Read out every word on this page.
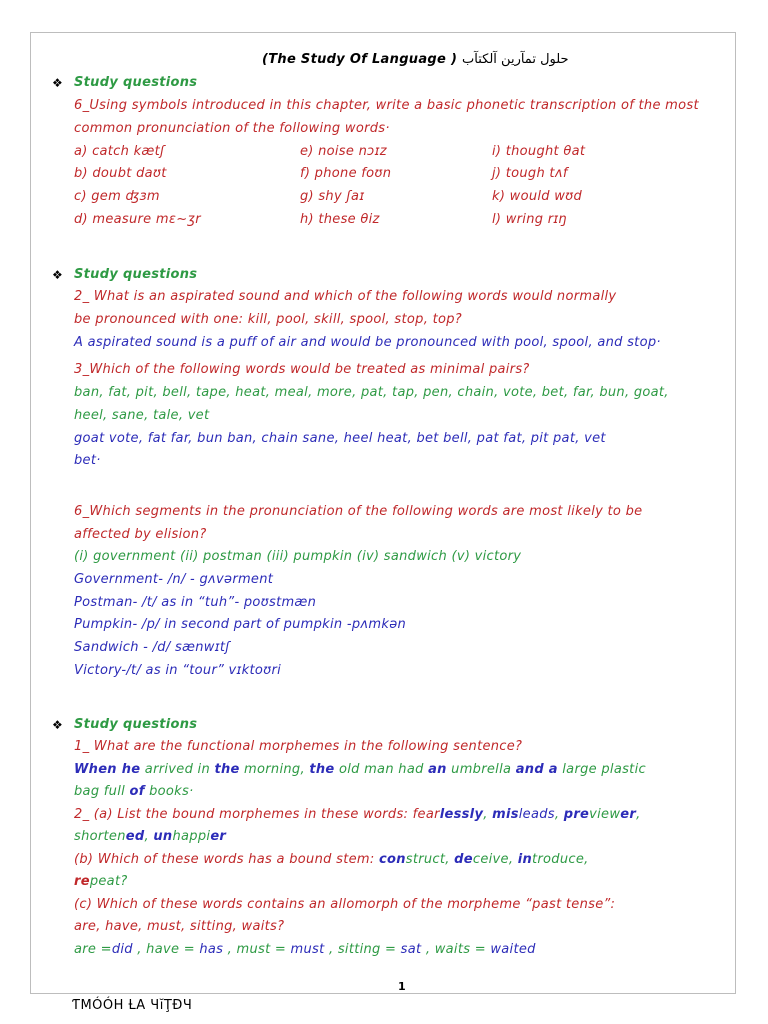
(The Study Of Language ) حلول تمآرين آلكتآب
❖ Study questions
6_Using symbols introduced in this chapter, write a basic phonetic transcription of the most
common pronunciation of the following words·
a) catch kætʃ	e) noise nɔɪz	i) thought θat
b) doubt daʊt	f) phone foʊn	j) tough tʌf
c) gem ʤɜm	g) shy ʃaɪ	k) would wʊd
d) measure mɛ~ʒr	h) these θiz	l) wring rɪŋ
❖ Study questions
2_ What is an aspirated sound and which of the following words would normally
be pronounced with one: kill, pool, skill, spool, stop, top?
A aspirated sound is a puff of air and would be pronounced with pool, spool, and stop·
3_Which of the following words would be treated as minimal pairs?
ban, fat, pit, bell, tape, heat, meal, more, pat, tap, pen, chain, vote, bet, far, bun, goat,
heel, sane, tale, vet
goat vote, fat far, bun ban, chain sane, heel heat, bet bell, pat fat, pit pat, vet
bet·
6_Which segments in the pronunciation of the following words are most likely to be
affected by elision?
(i) government (ii) postman (iii) pumpkin (iv) sandwich (v) victory
Government- /n/ - gʌvərment
Postman- /t/ as in “tuh”- poʊstmæn
Pumpkin- /p/ in second part of pumpkin -pʌmkən
Sandwich - /d/ sænwɪtʃ
Victory-/t/ as in “tour” vɪktoʊri
❖ Study questions
1_ What are the functional morphemes in the following sentence?
When he arrived in the morning, the old man had an umbrella and a large plastic
bag full of books·
2_ (a) List the bound morphemes in these words: fearlessly, misleads, previewer,
shortened, unhappier
(b) Which of these words has a bound stem: construct, deceive, introduce,
repeat?
(c) Which of these words contains an allomorph of the morpheme “past tense”:
are, have, must, sitting, waits?
are =did , have = has , must = must , sitting = sat , waits = waited
1
ƬMÓÓH ȽA ЧĭŢĐЧ
